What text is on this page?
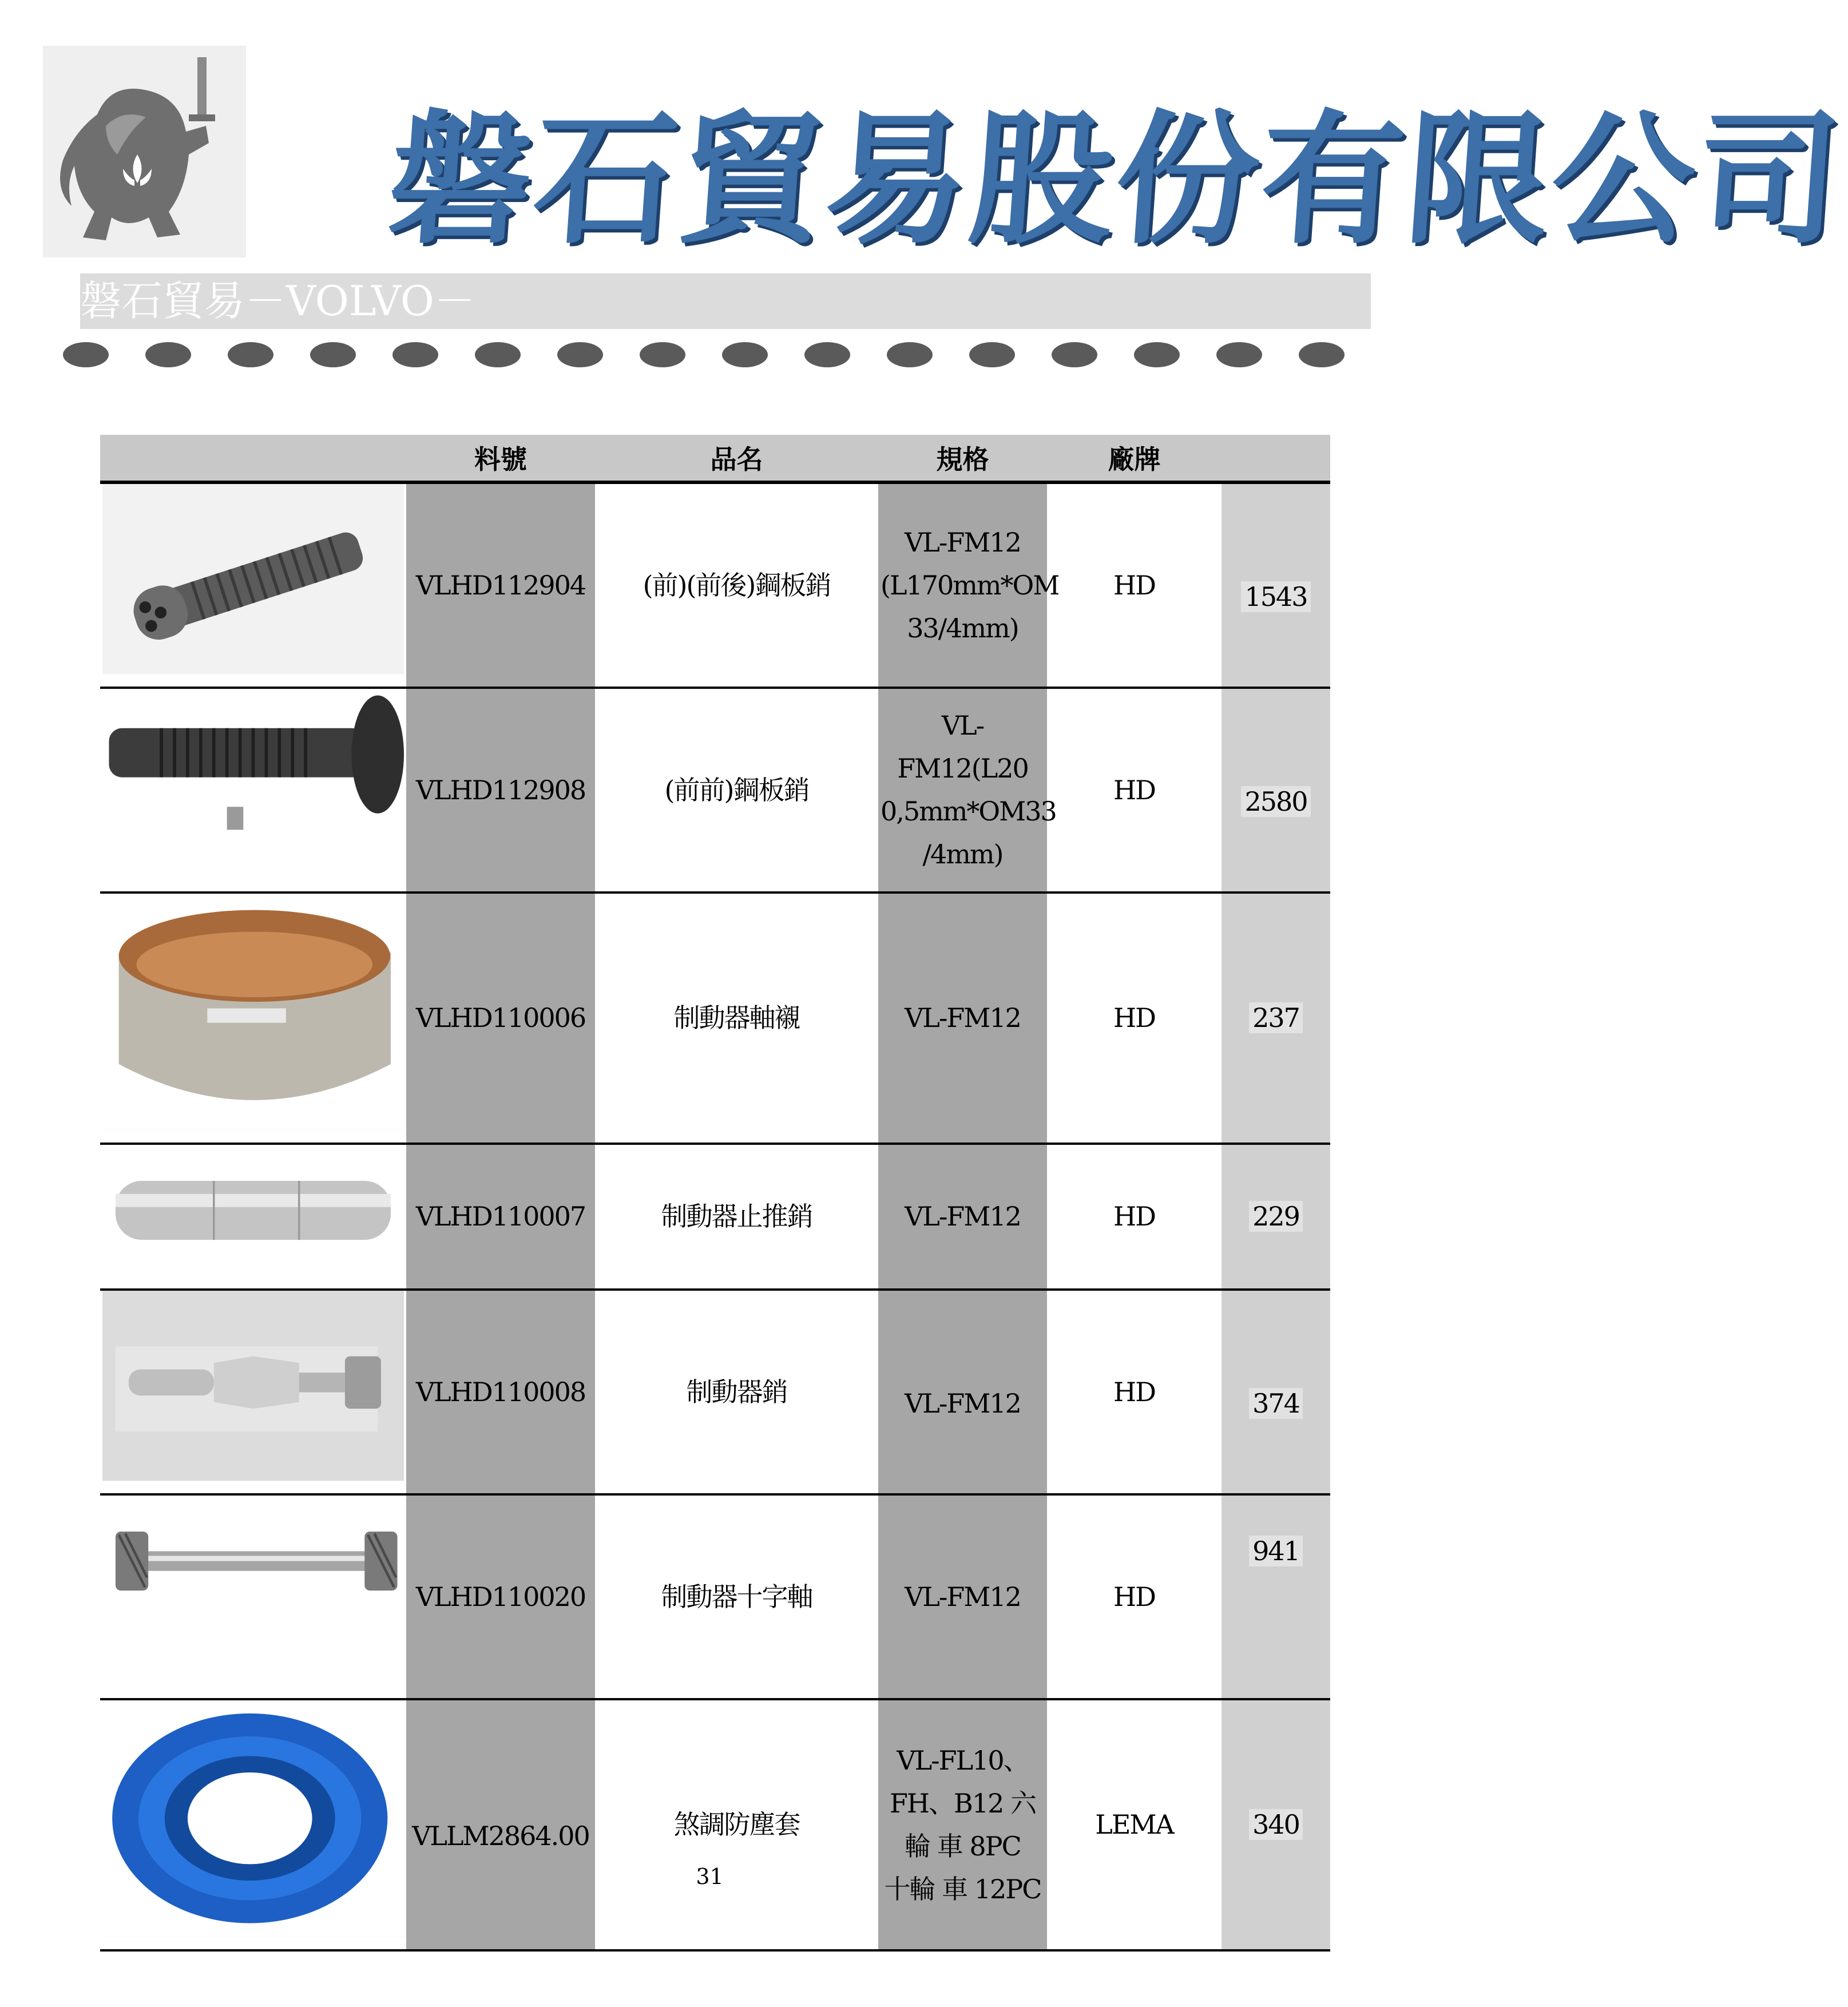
磐石貿易股份有限公司
磐石貿易－VOLVO－
	料號	品名	規格	廠牌	
	VLHD112904	(前)(前後)鋼板銷	VL-FM12 (L170mm*OM 33/4mm)	HD	1543
	VLHD112908	(前前)鋼板銷	VL-FM12(L20 0,5mm*OM33 /4mm)	HD	2580
	VLHD110006	制動器軸襯	VL-FM12	HD	237
	VLHD110007	制動器止推銷	VL-FM12	HD	229
	VLHD110008	制動器銷	VL-FM12	HD	374
	VLHD110020	制動器十字軸	VL-FM12	HD	941
	VLLM2864.00	煞調防塵套	VL-FL10、 FH、B12 六輪 車 8PC　十輪 車 12PC	LEMA	340
31
